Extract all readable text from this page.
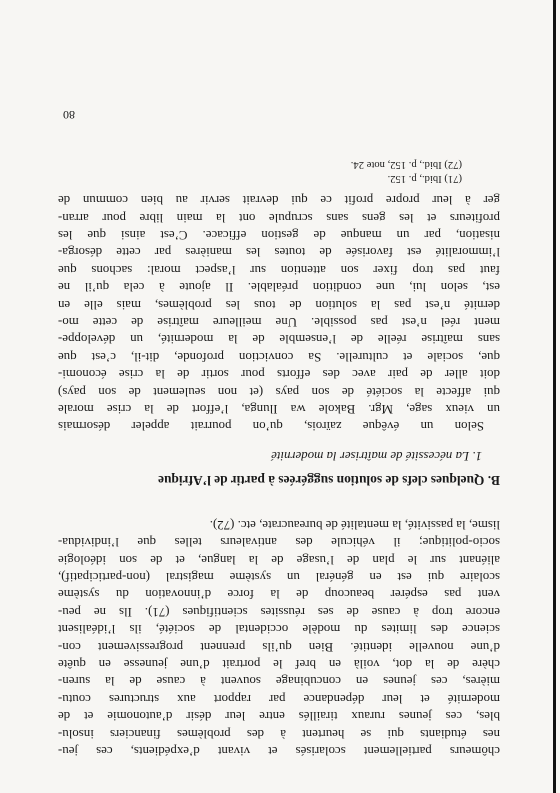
chômeurs partiellement scolarisés et vivant d’expédients, ces jeu-
nes étudiants qui se heurtent à des problèmes financiers insolu-
bles, ces jeunes ruraux tiraillés entre leur désir d’autonomie et de
modernité et leur dépendance par rapport aux structures coutu-
mières, ces jeunes en concubinage souvent à cause de la suren-
chère de la dot, voilà en bref le portrait d’une jeunesse en quête
d’une nouvelle identité. Bien qu’ils prennent progressivement con-
science des limites du modèle occidental de société, ils l’idéalisent
encore trop à cause de ses réussites scientifiques (71). Ils ne peu-
vent pas espérer beaucoup de la force d’innovation du système
scolaire qui est en général un système magistral (non-participatif),
aliénant sur le plan de l’usage de la langue, et de son idéologie
socio-politique; il véhicule des antivaleurs telles que l’individua-
lisme, la passivité, la mentalité de bureaucrate, etc. (72).
B. Quelques clefs de solution suggérées à partir de l’Afrique
1. La nécessité de maîtriser la modernité
Selon un évêque zaïrois, qu’on pourrait appeler désormais
un vieux sage, Mgr. Bakole wa Ilunga, l’effort de la crise morale
qui affecte la société de son pays (et non seulement de son pays)
doit aller de pair avec des efforts pour sortir de la crise économi-
que, sociale et culturelle. Sa conviction profonde, dit-il, c’est que
sans maîtrise réelle de l’ensemble de la modernité, un développe-
ment réel n’est pas possible. Une meilleure maîtrise de cette mo-
dernité n’est pas la solution de tous les problèmes, mais elle en
est, selon lui, une condition préalable. Il ajoute à cela qu’il ne
faut pas trop fixer son attention sur l’aspect moral: sachons que
l’immoralité est favorisée de toutes les manières par cette désorga-
nisation, par un manque de gestion efficace. C’est ainsi que les
profiteurs et les gens sans scrupule ont la main libre pour arran-
ger à leur propre profit ce qui devrait servir au bien commun de
(71) Ibid., p. 152.
(72) Ibid., p. 152, note 24.
80
